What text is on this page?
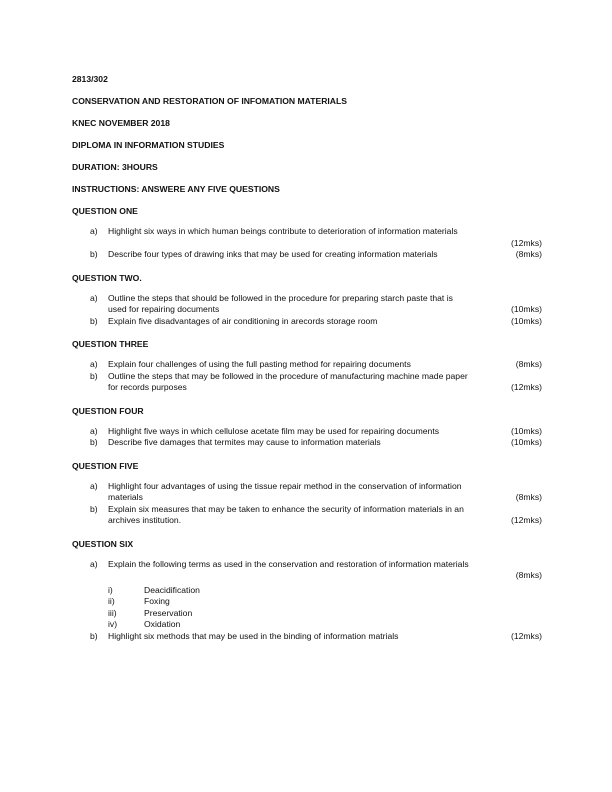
2813/302
CONSERVATION AND RESTORATION OF INFOMATION MATERIALS
KNEC NOVEMBER 2018
DIPLOMA IN INFORMATION STUDIES
DURATION: 3HOURS
INSTRUCTIONS: ANSWERE ANY FIVE QUESTIONS
QUESTION ONE
a) Highlight six ways in which human beings contribute to deterioration of information materials
(12mks)
b) Describe four types of drawing inks that may be used for creating information materials	(8mks)
QUESTION TWO.
a) Outline the steps that should be followed in the procedure for preparing starch paste that is
used for repairing documents	(10mks)
b) Explain five disadvantages of air conditioning in arecords storage room	(10mks)
QUESTION THREE
a) Explain four challenges of using the full pasting method for repairing documents	(8mks)
b) Outline the steps that may be followed in the procedure of manufacturing machine made paper
for records purposes	(12mks)
QUESTION FOUR
a) Highlight five ways in which cellulose acetate film may be used for repairing documents	(10mks)
b) Describe five damages that termites may cause to information materials	(10mks)
QUESTION FIVE
a) Highlight four advantages of using the tissue repair method in the conservation of information
materials	(8mks)
b) Explain six measures that may be taken to enhance the security of information materials in an
archives institution.	(12mks)
QUESTION SIX
a) Explain the following terms as used in the conservation and restoration of information materials
(8mks)
i)	Deacidification
ii)	Foxing
iii)	Preservation
iv)	Oxidation
b) Highlight six methods that may be used in the binding of information matrials	(12mks)
